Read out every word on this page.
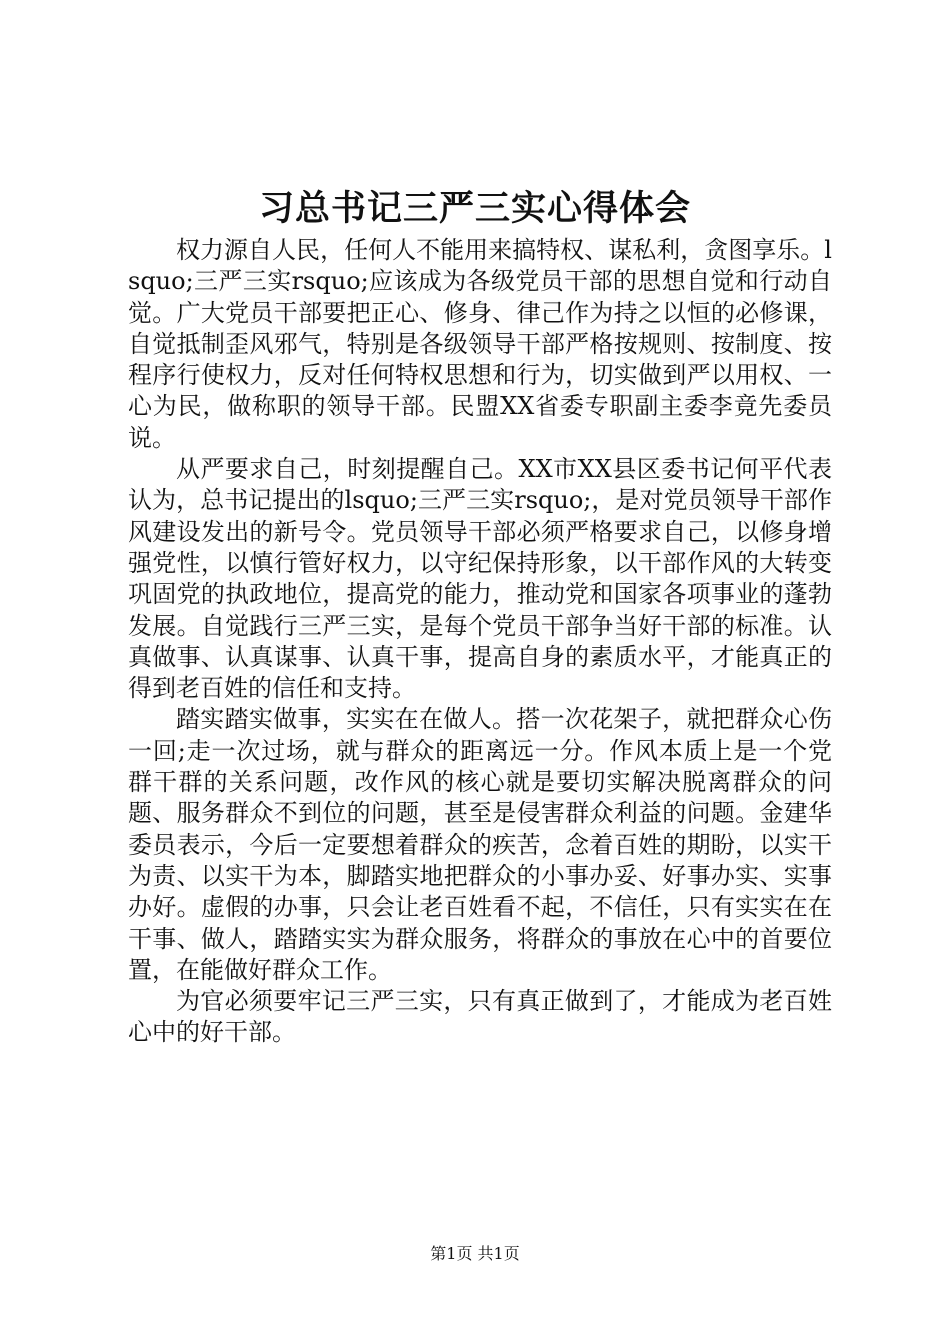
习总书记三严三实心得体会

权力源自人民，任何人不能用来搞特权、谋私利，贪图享乐。lsquo;三严三实rsquo;应该成为各级党员干部的思想自觉和行动自觉。广大党员干部要把正心、修身、律己作为持之以恒的必修课，自觉抵制歪风邪气，特别是各级领导干部严格按规则、按制度、按程序行使权力，反对任何特权思想和行为，切实做到严以用权、一心为民，做称职的领导干部。民盟XX省委专职副主委李竟先委员说。

从严要求自己，时刻提醒自己。XX市XX县区委书记何平代表认为，总书记提出的lsquo;三严三实rsquo;，是对党员领导干部作风建设发出的新号令。党员领导干部必须严格要求自己，以修身增强党性，以慎行管好权力，以守纪保持形象，以干部作风的大转变巩固党的执政地位，提高党的能力，推动党和国家各项事业的蓬勃发展。自觉践行三严三实，是每个党员干部争当好干部的标准。认真做事、认真谋事、认真干事，提高自身的素质水平，才能真正的得到老百姓的信任和支持。

踏实踏实做事，实实在在做人。搭一次花架子，就把群众心伤一回;走一次过场，就与群众的距离远一分。作风本质上是一个党群干群的关系问题，改作风的核心就是要切实解决脱离群众的问题、服务群众不到位的问题，甚至是侵害群众利益的问题。金建华委员表示，今后一定要想着群众的疾苦，念着百姓的期盼，以实干为责、以实干为本，脚踏实地把群众的小事办妥、好事办实、实事办好。虚假的办事，只会让老百姓看不起，不信任，只有实实在在干事、做人，踏踏实实为群众服务，将群众的事放在心中的首要位置，在能做好群众工作。

为官必须要牢记三严三实，只有真正做到了，才能成为老百姓心中的好干部。

第1页 共1页
